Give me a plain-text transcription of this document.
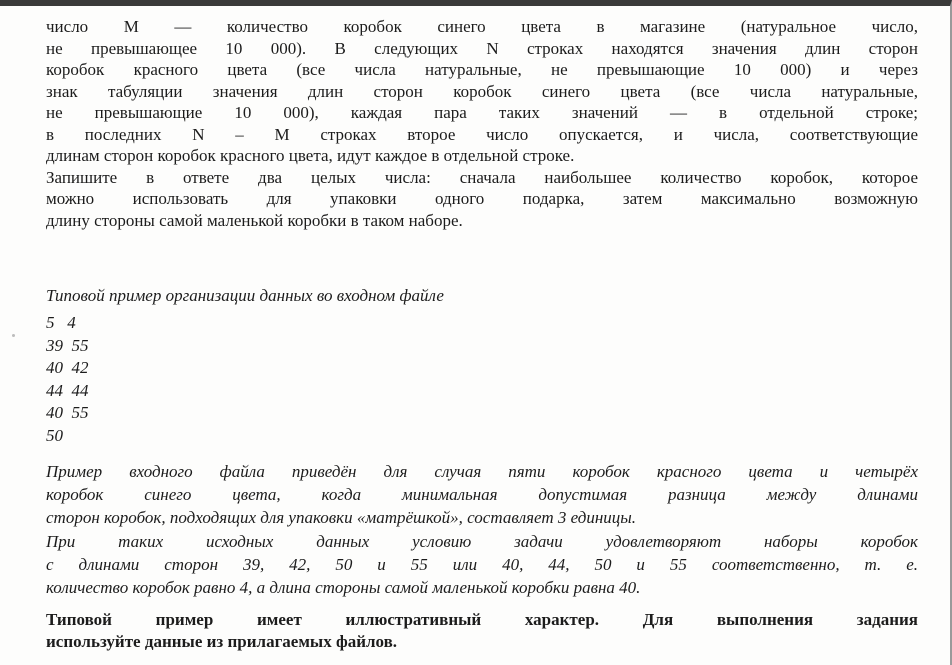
число M — количество коробок синего цвета в магазине (натуральное число,
не превышающее 10 000). В следующих N строках находятся значения длин сторон
коробок красного цвета (все числа натуральные, не превышающие 10 000) и через
знак табуляции значения длин сторон коробок синего цвета (все числа натуральные,
не превышающие 10 000), каждая пара таких значений — в отдельной строке;
в последних N – M строках второе число опускается, и числа, соответствующие
длинам сторон коробок красного цвета, идут каждое в отдельной строке.
Запишите в ответе два целых числа: сначала наибольшее количество коробок, которое
можно использовать для упаковки одного подарка, затем максимально возможную
длину стороны самой маленькой коробки в таком наборе.
Типовой пример организации данных во входном файле
5   4
39  55
40  42
44  44
40  55
50
Пример входного файла приведён для случая пяти коробок красного цвета и четырёх
коробок синего цвета, когда минимальная допустимая разница между длинами
сторон коробок, подходящих для упаковки «матрёшкой», составляет 3 единицы.
При таких исходных данных условию задачи удовлетворяют наборы коробок
с длинами сторон 39, 42, 50 и 55 или 40, 44, 50 и 55 соответственно, т. е.
количество коробок равно 4, а длина стороны самой маленькой коробки равна 40.
Типовой пример имеет иллюстративный характер. Для выполнения задания
используйте данные из прилагаемых файлов.
